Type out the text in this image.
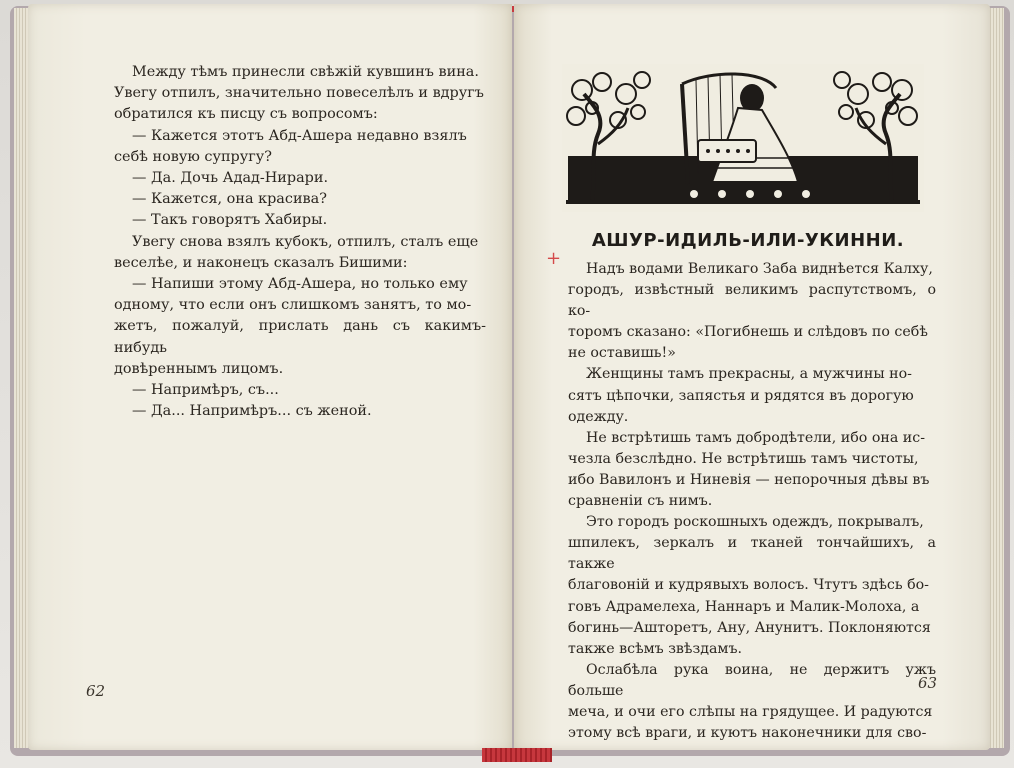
Между тѣмъ принесли свѣжій кувшинъ вина.

Увегу отпилъ, значительно повеселѣлъ и вдругъ

обратился къ писцу съ вопросомъ:

— Кажется этотъ Абд-Ашера недавно взялъ

себѣ новую супругу?

— Да. Дочь Адад-Нирари.

— Кажется, она красива?

— Такъ говорятъ Хабиры.

Увегу снова взялъ кубокъ, отпилъ, сталъ еще

веселѣе, и наконецъ сказалъ Бишими:

— Напиши этому Абд-Ашера, но только ему

одному, что если онъ слишкомъ занятъ, то мо-

жетъ, пожалуй, прислать дань съ какимъ-нибудь

довѣреннымъ лицомъ.

— Напримѣръ, съ...

— Да... Напримѣръ... съ женой.

62
АШУР-ИДИЛЬ-ИЛИ-УКИННИ.
+	Надъ водами Великаго Заба виднѣется Калху,

городъ, извѣстный великимъ распутствомъ, о ко-

торомъ сказано: «Погибнешь и слѣдовъ по себѣ

не оставишь!»

Женщины тамъ прекрасны, а мужчины но-

сятъ цѣпочки, запястья и рядятся въ дорогую

одежду.

Не встрѣтишь тамъ добродѣтели, ибо она ис-

чезла безслѣдно. Не встрѣтишь тамъ чистоты,

ибо Вавилонъ и Ниневія — непорочныя дѣвы въ

сравненіи съ нимъ.

Это городъ роскошныхъ одеждъ, покрывалъ,

шпилекъ, зеркалъ и тканей тончайшихъ, а также

благовоній и кудрявыхъ волосъ. Чтутъ здѣсь бо-

говъ Адрамелеха, Наннаръ и Малик-Молоха, а

богинь—Ашторетъ, Ану, Анунитъ. Поклоняются

также всѣмъ звѣздамъ.

Ослабѣла рука воина, не держитъ ужъ больше

меча, и очи его слѣпы на грядущее. И радуются

этому всѣ враги, и куютъ наконечники для сво-

63
